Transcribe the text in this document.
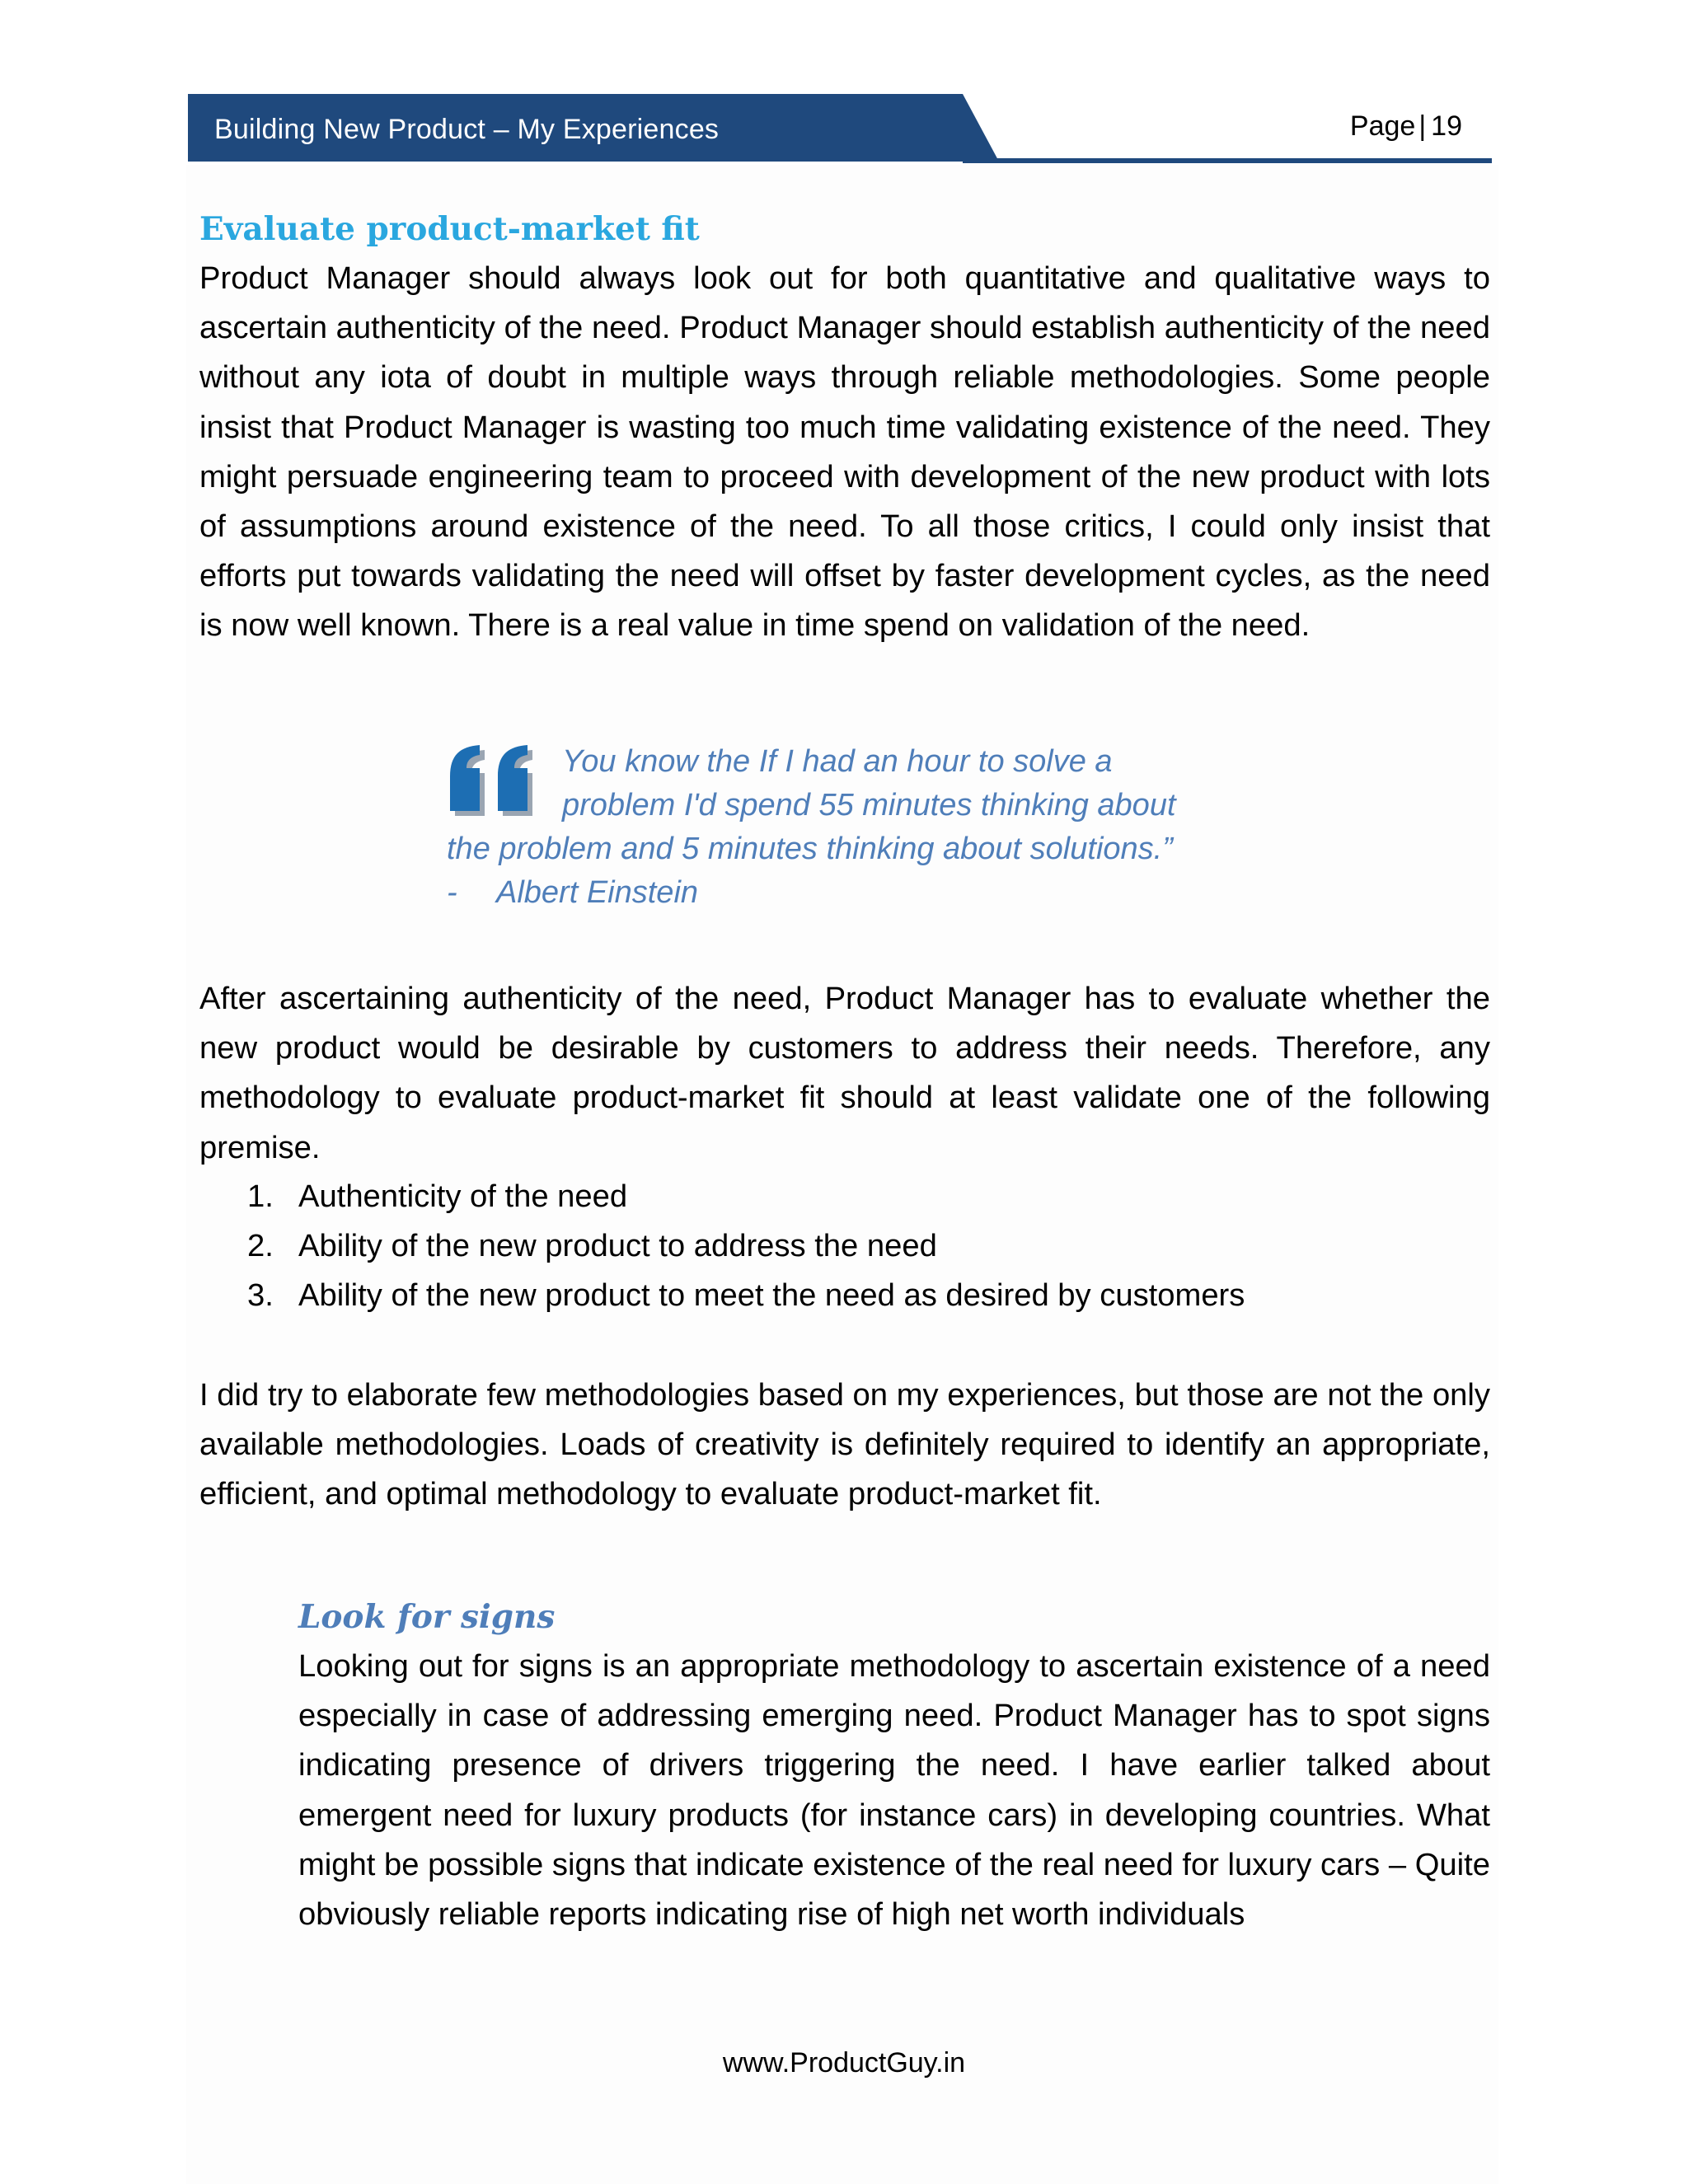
Building New Product – My Experiences	Page | 19
Evaluate product-market fit

Product Manager should always look out for both quantitative and qualitative ways to ascertain authenticity of the need. Product Manager should establish authenticity of the need without any iota of doubt in multiple ways through reliable methodologies. Some people insist that Product Manager is wasting too much time validating existence of the need. They might persuade engineering team to proceed with development of the new product with lots of assumptions around existence of the need. To all those critics, I could only insist that efforts put towards validating the need will offset by faster development cycles, as the need is now well known. There is a real value in time spend on validation of the need.

You know the If I had an hour to solve a
problem I'd spend 55 minutes thinking about
the problem and 5 minutes thinking about solutions.”
- Albert Einstein

After ascertaining authenticity of the need, Product Manager has to evaluate whether the new product would be desirable by customers to address their needs. Therefore, any methodology to evaluate product-market fit should at least validate one of the following premise.

1. Authenticity of the need
2. Ability of the new product to address the need
3. Ability of the new product to meet the need as desired by customers

I did try to elaborate few methodologies based on my experiences, but those are not the only available methodologies. Loads of creativity is definitely required to identify an appropriate, efficient, and optimal methodology to evaluate product-market fit.

Look for signs

Looking out for signs is an appropriate methodology to ascertain existence of a need especially in case of addressing emerging need. Product Manager has to spot signs indicating presence of drivers triggering the need. I have earlier talked about emergent need for luxury products (for instance cars) in developing countries. What might be possible signs that indicate existence of the real need for luxury cars – Quite obviously reliable reports indicating rise of high net worth individuals

www.ProductGuy.in
